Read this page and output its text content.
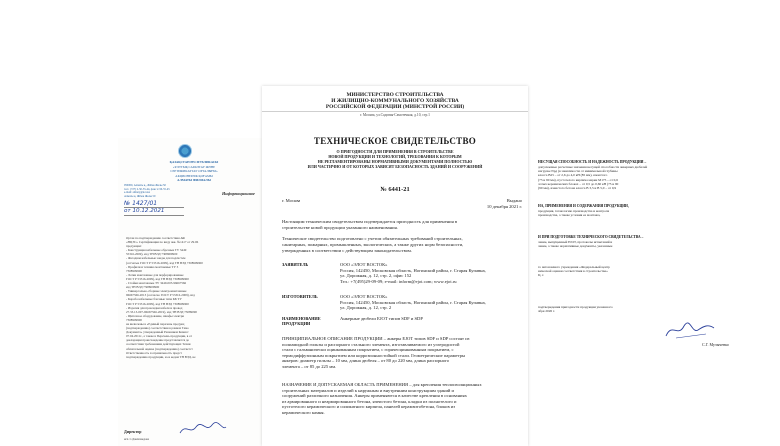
ҚАЗАҚСТАН РЕСПУБЛИКАСЫ
«ҰЛТТЫҚ САРАПТАУ ЖӘНЕ
СЕРТИФИКАТТАУ ОРТАЛЫҒЫ»
АКЦИОНЕРЛІК ҚОҒАМЫ
АЛМАТЫ ФИЛИАЛЫ
050000, Алматы қ., Жібек Жолы 50
тел.: (727) 2-50-55-44, факс 2-50-55-45
e-mail: almaty@nca.kz
Алматы қ. Жібек Жолы 50	Информационное
№ 1427/01
от 10.12.2021

Орган по подтверждению соответствия АФ

«НЦЭС» Сертификации по виду акк. №1417 от 29.06

продукции:

- Конструкция кабельные обрезные ТУ 3449

55316-2009), изд ТН ВЭД 7308909900

- Фасадная кабельные зонды для подсистем

(сетчатые ГОСТ Р 53316-2009), изд ТН ВЭД 7308909900

- Профили и техника монтажные ТУ 3

7308909900

- Лотки монтажные для перфорированные

ГОСТ Р 53316-2009), изд ТН ВЭД 7308909900

- Стойки монтажные ТУ 3449-003-96667566

изд ТН ВЭД 7308909900

- Универсально-сборные электромонтажные

96667566-2013 (согласно ГОСТ Р 53316-2009), изд

- Короба кабельные блочные типа КБ ТУ

ГОСТ Р 53316-2009), изд ТН ВЭД 7308909900

- Изделия для прокладки кабеля и провод

27.33.13-007-96667566-2019), изд ТН ВЭД 73089090

- Щиточное оборудование, шкафы электри

7308909900

не включены в «Единый перечень продукц

(подтверждению) соответствия в рамках Тамо

Документа» утвержденный Решением Комисс

07.04.2011г., а также в Перечень продукции, в от

декларации происхождение представляется до

соответствия требованиям действующих Техни

обязательной оценке (подтверждению) соответст

Ответственность за правильность предст

подтверждению продукции, и ее кодам ТН ВЭД, не

Директор
исп. С.Давлахмедова
МИНИСТЕРСТВО СТРОИТЕЛЬСТВА
И ЖИЛИЩНО-КОММУНАЛЬНОГО ХОЗЯЙСТВА
РОССИЙСКОЙ ФЕДЕРАЦИИ (МИНСТРОЙ РОССИИ)
г. Москва, ул.Садовая-Самотечная, д.10, стр.1
ТЕХНИЧЕСКОЕ СВИДЕТЕЛЬСТВО
О ПРИГОДНОСТИ ДЛЯ ПРИМЕНЕНИЯ В СТРОИТЕЛЬСТВЕ
НОВОЙ ПРОДУКЦИИ И ТЕХНОЛОГИЙ, ТРЕБОВАНИЯ К КОТОРЫМ
НЕ РЕГЛАМЕНТИРОВАНЫ НОРМАТИВНЫМИ ДОКУМЕНТАМИ ПОЛНОСТЬЮ
ИЛИ ЧАСТИЧНО И ОТ КОТОРЫХ ЗАВИСЯТ БЕЗОПАСНОСТЬ ЗДАНИЙ И СООРУЖЕНИЙ
№ 6441-21
г. Москва	Выдано
10 декабря 2021 г.
Настоящим техническим свидетельством подтверждается пригодность для применения в
строительстве новой продукции указанного наименования.
Техническое свидетельство подготовлено с учетом обязательных требований строительных,
санитарных, пожарных, промышленных, экологических, а также других норм безопасности,
утвержденных в соответствии с действующим законодательством.
ЗАЯВИТЕЛЬ	ООО «ЭЛОТ ВОСТОК»

Россия, 142450, Московская область, Ногинский район, г. Старая Купавна,

ул. Дорожная, д. 12, стр. 2, офис 152

Тел.: +7(495)29-09-09; e-mail: inform@ejot.com; www.ejot.ru

ИЗГОТОВИТЕЛЬ	ООО «ЭЛОТ ВОСТОК»

Россия, 142450, Московская область, Ногинский район, г. Старая Купавна,

ул. Дорожная, д. 12, стр. 2

НАИМЕНОВАНИЕ
ПРОДУКЦИИ
Анкерные дюбели EJOT типов SDF и SDP

ПРИНЦИПИАЛЬНОЕ ОПИСАНИЕ ПРОДУКЦИИ – анкеры EJOT типов SDF и SDP состоят из

полиамидной гильзы и распорного стального элемента, изготавливаемого из углеродистой

стали с гальванически оцинкованным покрытием, с горячеоцинкованным покрытием, с

термодиффузионным покрытием или коррозионностойкой стали. Геометрические параметры

анкеров: диаметр гильзы – 10 мм, длина дюбеля – от 80 до 220 мм, длина распорного

элемента – от 85 до 225 мм.

НАЗНАЧЕНИЕ И ДОПУСКАЕМАЯ ОБЛАСТЬ ПРИМЕНЕНИЯ – для крепления теплоизоляционных

строительных материалов и изделий к наружным и внутренним конструкциям зданий и

сооружений различного назначения. Анкеры применяются в качестве крепления в основаниях

из армированного и неармированного бетона, ячеистого бетона, кладки из полнотелого и

пустотелого керамического и силикатного кирпича, панелей керамзитобетона, блоков из

керамического камня.

НЕСУЩАЯ СПОСОБНОСТЬ И НАДЕЖНОСТЬ ПРОДУКЦИИ –

допускаемые расчетные значения несущей способности анкерных дюбелей

нагрузке Nрд (в зависимости от минимальной глубины

класса В25 – от 2,6 до 4,0 кН (85 мм), ячеистого

(75 и 90 мм), пустотелого кирпича марки М175 – от 0,6

лотых керамических блоках – от 0,5 до 0,60 кН (75 и 90

(90 мм), ячеистого бетона класса В 3,5 и В 5,0 – от 0,9

НА, ПРИМЕНЕНИЯ И СОДЕРЖАНИЯ ПРОДУКЦИИ,

продукция, технологию производства и контроля

производства, а также условия ее монтажа,

И ПРИ ПОДГОТОВКЕ ТЕХНИЧЕСКОГО СВИДЕТЕЛЬСТВА –

ление, выпущенный EJOT, протоколы испытаний и

ление, а также нормативные документы, указанные

го автономного учреждения «Федеральный центр

нической оценки соответствия в строительстве»

Ц, г.

подтверждения пригодности продукции указанного

абря 2026 г.

С.Г. Музыченко
